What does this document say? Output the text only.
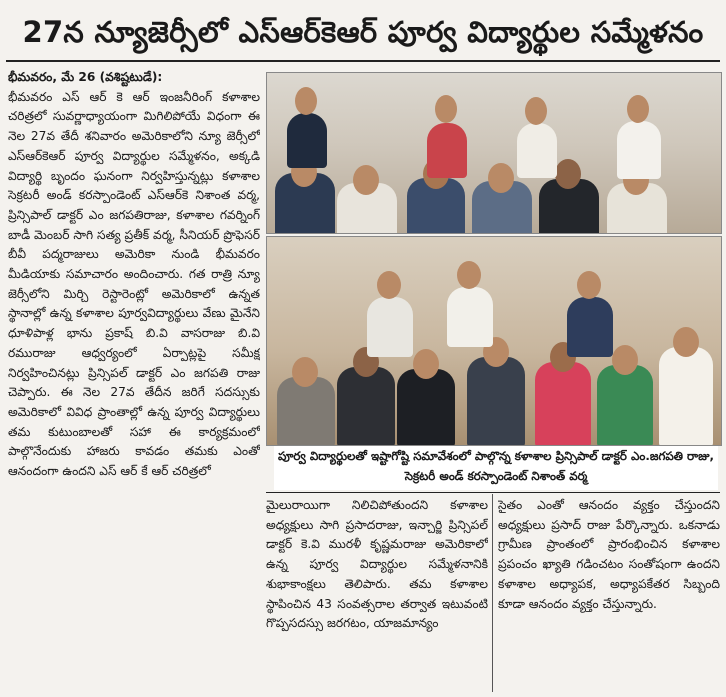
27న న్యూజెర్సీలో ఎస్ఆర్‌కెఆర్ పూర్వ విద్యార్థుల సమ్మేళనం
భీమవరం, మే 26 (వశిష్టటుడే):
భీమవరం ఎస్ ఆర్ కె ఆర్ ఇంజనీరింగ్ కళాశాల చరిత్రలో సువర్ణాధ్యాయంగా మిగిలిపోయే విధంగా ఈ నెల 27వ తేదీ శనివారం అమెరికాలోని న్యూ జెర్సీలో ఎస్ఆర్‌కెఆర్ పూర్వ విద్యార్థుల సమ్మేళనం, అక్కడి విద్యార్థి బృందం ఘనంగా నిర్వహిస్తున్నట్లు కళాశాల సెక్రటరీ అండ్ కరస్పాండెంట్ ఎస్ఆర్‌కె నిశాంత వర్మ, ప్రిన్సిపాల్ డాక్టర్ ఎం జగపతిరాజు, కళాశాల గవర్నింగ్ బాడీ మెంబర్ సాగి సత్య ప్రతీక్ వర్మ, సీనియర్ ప్రొఫెసర్ బీవీ పద్మరాజులు అమెరికా నుండి భీమవరం మీడియాకు సమాచారం అందించారు. గత రాత్రి న్యూ జెర్సీలోని మిర్చి రెస్టారెంట్లో అమెరికాలో ఉన్నత స్థానాల్లో ఉన్న కళాశాల పూర్వవిద్యార్థులు వేణు మైనేని ధూళిపాళ్ల భాను ప్రకాష్ బి.వి వాసరాజు బి.వి రమురాజు ఆధ్వర్యంలో ఏర్పాట్లపై సమీక్ష నిర్వహించినట్లు ప్రిన్సిపల్ డాక్టర్ ఎం జగపతి రాజు చెప్పారు. ఈ నెల 27వ తేదీన జరిగే సదస్సుకు అమెరికాలో వివిధ ప్రాంతాల్లో ఉన్న పూర్వ విద్యార్థులు తమ కుటుంబాలతో సహా ఈ కార్యక్రమంలో పాల్గొనేందుకు హాజరు కావడం తమకు ఎంతో ఆనందంగా ఉందని ఎస్ ఆర్ కే ఆర్ చరిత్రలో
పూర్వ విద్యార్థులతో ఇష్టాగోష్టి సమావేశంలో పాల్గొన్న కళాశాల ప్రిన్సిపాల్ డాక్టర్ ఎం.జగపతి రాజు, సెక్రటరీ అండ్ కరస్పాండెంట్ నిశాంత్ వర్మ
మైలురాయిగా నిలిచిపోతుందని కళాశాల అధ్యక్షులు సాగి ప్రసాదరాజు, ఇన్చార్జి ప్రిన్సిపల్ డాక్టర్ కె.వి మురళీ కృష్ణమరాజు అమెరికాలో ఉన్న పూర్వ విద్యార్థుల సమ్మేళనానికి శుభాకాంక్షలు తెలిపారు. తమ కళాశాల స్థాపించిన 43 సంవత్సరాల తర్వాత ఇటువంటి గొప్పసదస్సు జరగటం, యాజమాన్యం
సైతం ఎంతో ఆనందం వ్యక్తం చేస్తుందని అధ్యక్షులు ప్రసాద్ రాజు పేర్కొన్నారు. ఒకనాడు గ్రామీణ ప్రాంతంలో ప్రారంభించిన కళాశాల ప్రపంచం ఖ్యాతి గడించటం సంతోషంగా ఉందని కళాశాల అధ్యాపక, అధ్యాపకేతర సిబ్బంది కూడా ఆనందం వ్యక్తం చేస్తున్నారు.
